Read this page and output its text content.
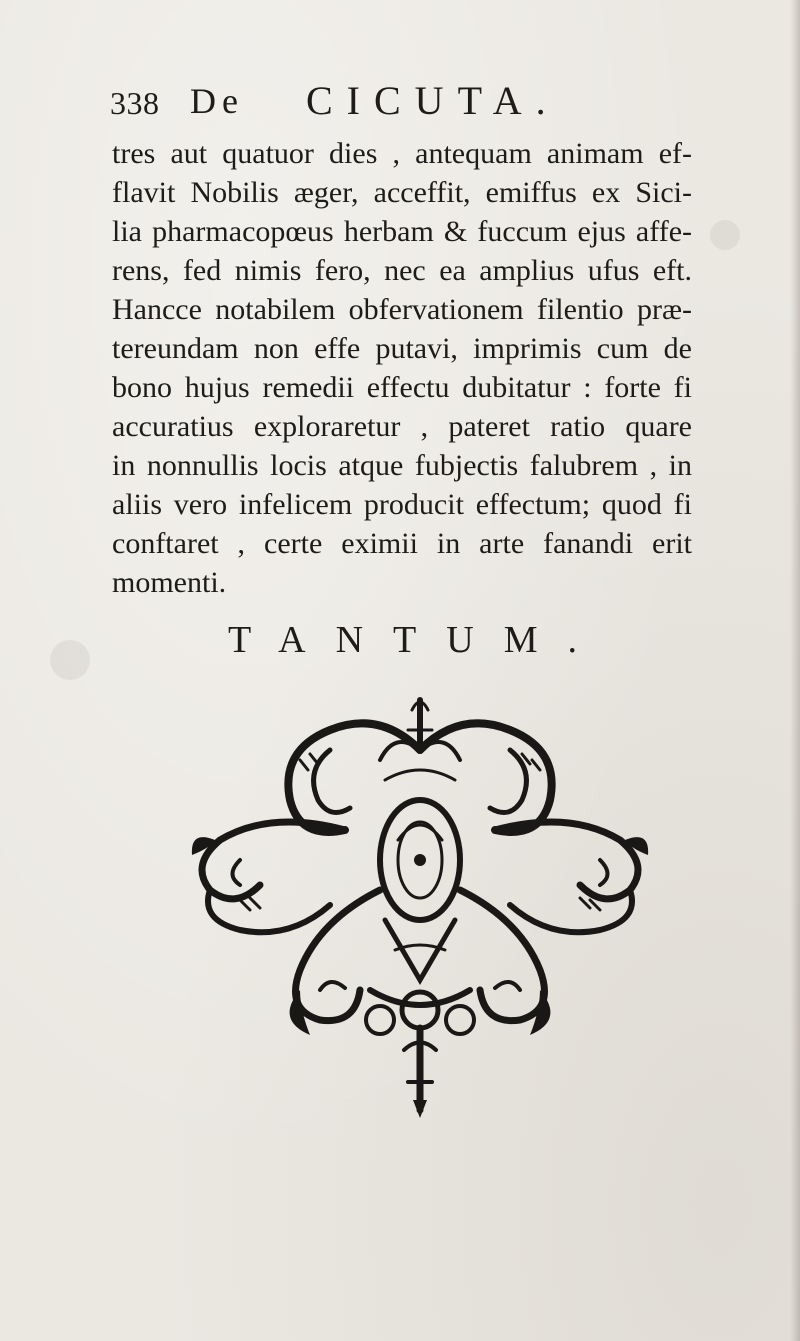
338 De CICUTA.
tres aut quatuor dies , antequam animam ef-
flavit Nobilis æger, acceffit, emiffus ex Sici-
lia pharmacopœus herbam & fuccum ejus affe-
rens, fed nimis fero, nec ea amplius ufus eft.
Hancce notabilem obfervationem filentio præ-
tereundam non effe putavi, imprimis cum de
bono hujus remedii effectu dubitatur : forte fi
accuratius exploraretur , pateret ratio quare
in nonnullis locis atque fubjectis falubrem , in
aliis vero infelicem producit effectum; quod fi
conftaret , certe eximii in arte fanandi erit
momenti.
TANTUM.
